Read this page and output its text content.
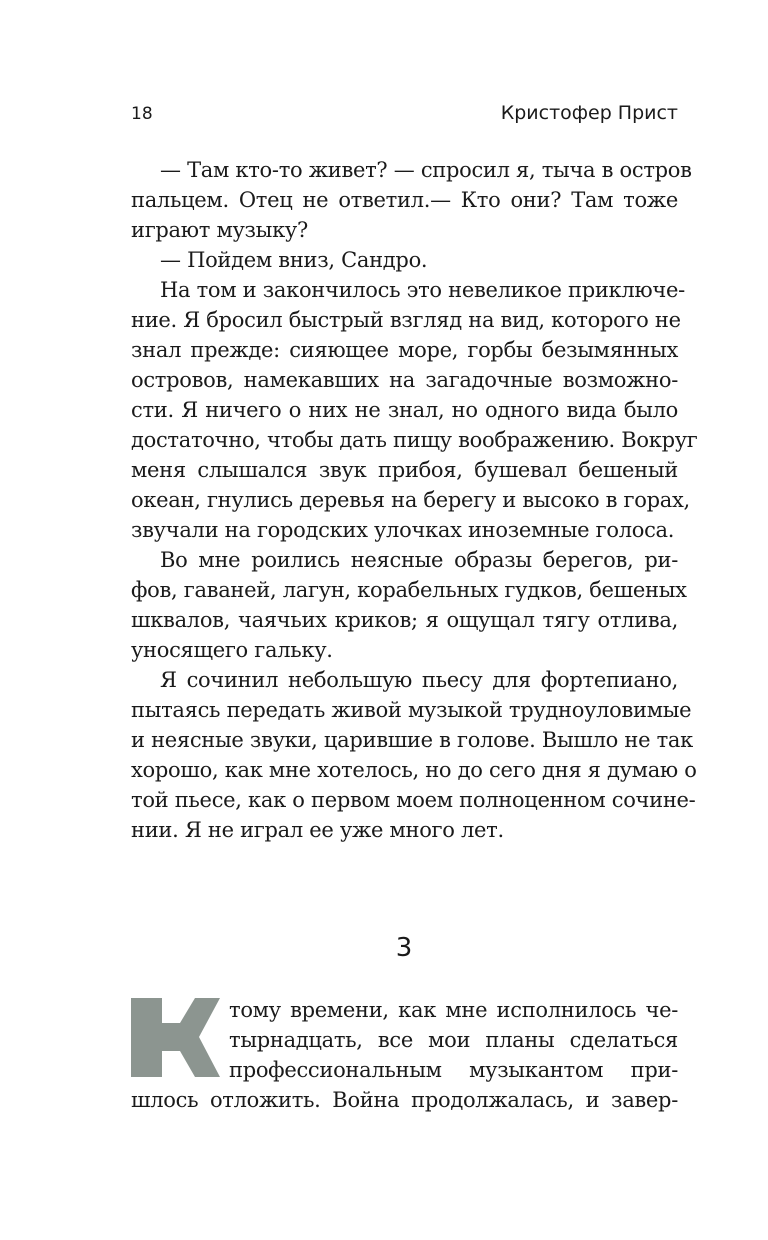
18	Кристофер Прист
— Там кто-то живет? — спросил я, тыча в остров
пальцем. Отец не ответил.— Кто они? Там тоже
играют музыку?
— Пойдем вниз, Сандро.
На том и закончилось это невеликое приключе-
ние. Я бросил быстрый взгляд на вид, которого не
знал прежде: сияющее море, горбы безымянных
островов, намекавших на загадочные возможно-
сти. Я ничего о них не знал, но одного вида было
достаточно, чтобы дать пищу воображению. Вокруг
меня слышался звук прибоя, бушевал бешеный
океан, гнулись деревья на берегу и высоко в горах,
звучали на городских улочках иноземные голоса.
Во мне роились неясные образы берегов, ри-
фов, гаваней, лагун, корабельных гудков, бешеных
шквалов, чаячьих криков; я ощущал тягу отлива,
уносящего гальку.
Я сочинил небольшую пьесу для фортепиано,
пытаясь передать живой музыкой трудноуловимые
и неясные звуки, царившие в голове. Вышло не так
хорошо, как мне хотелось, но до сего дня я думаю о
той пьесе, как о первом моем полноценном сочине-
нии. Я не играл ее уже много лет.
3
тому времени, как мне исполнилось че-
тырнадцать, все мои планы сделаться
профессиональным музыкантом при-
шлось отложить. Война продолжалась, и завер-
